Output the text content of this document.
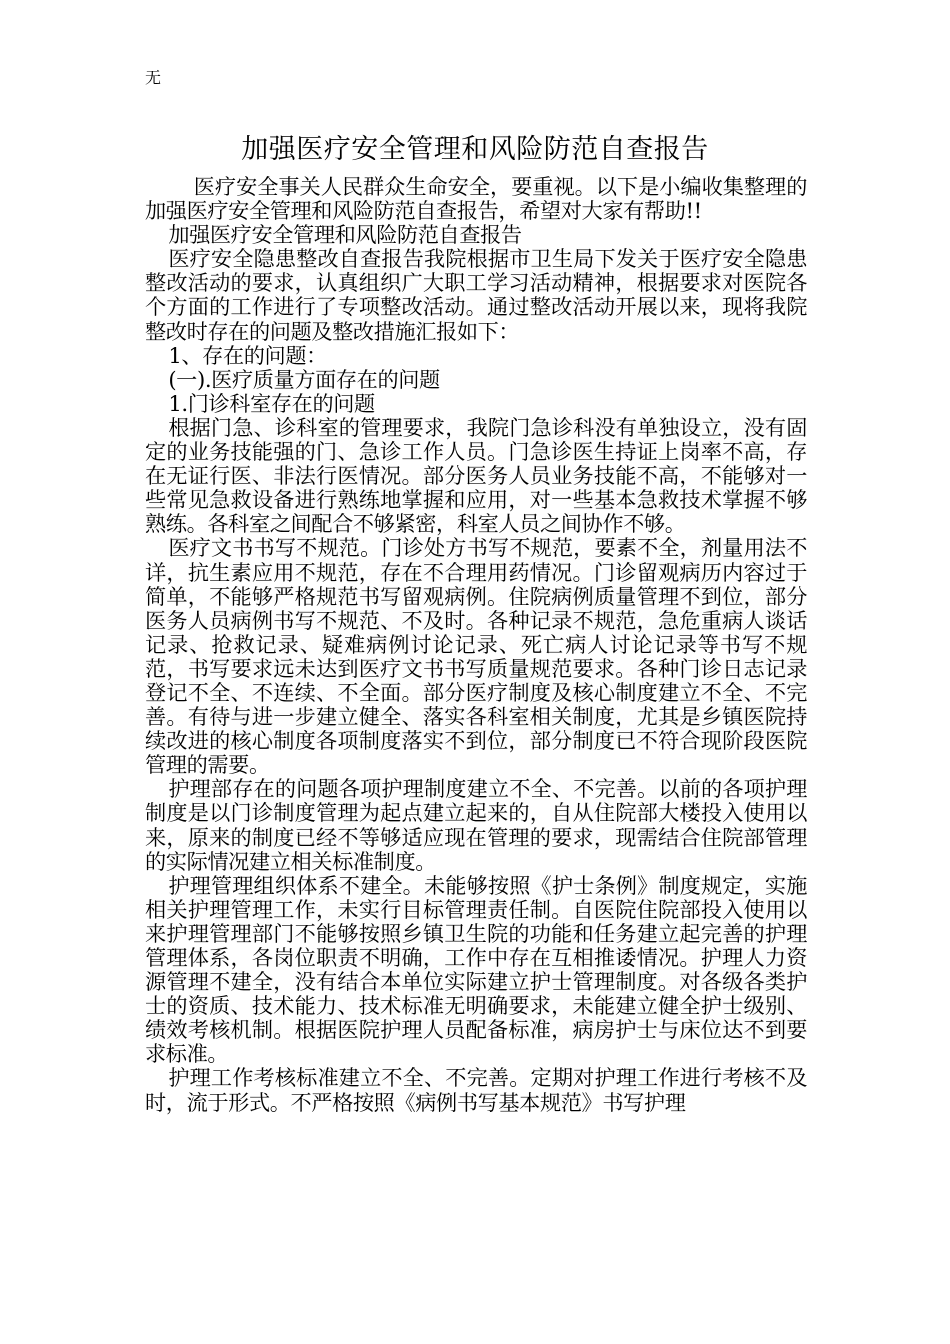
无
加强医疗安全管理和风险防范自查报告

医疗安全事关人民群众生命安全，要重视。以下是小编收集整理的加强医疗安全管理和风险防范自查报告，希望对大家有帮助!!

加强医疗安全管理和风险防范自查报告

医疗安全隐患整改自查报告我院根据市卫生局下发关于医疗安全隐患整改活动的要求，认真组织广大职工学习活动精神，根据要求对医院各个方面的工作进行了专项整改活动。通过整改活动开展以来，现将我院整改时存在的问题及整改措施汇报如下：

1、存在的问题：

(一).医疗质量方面存在的问题

1.门诊科室存在的问题

根据门急、诊科室的管理要求，我院门急诊科没有单独设立，没有固定的业务技能强的门、急诊工作人员。门急诊医生持证上岗率不高，存在无证行医、非法行医情况。部分医务人员业务技能不高，不能够对一些常见急救设备进行熟练地掌握和应用，对一些基本急救技术掌握不够熟练。各科室之间配合不够紧密，科室人员之间协作不够。

医疗文书书写不规范。门诊处方书写不规范，要素不全，剂量用法不详，抗生素应用不规范，存在不合理用药情况。门诊留观病历内容过于简单，不能够严格规范书写留观病例。住院病例质量管理不到位，部分医务人员病例书写不规范、不及时。各种记录不规范，急危重病人谈话记录、抢救记录、疑难病例讨论记录、死亡病人讨论记录等书写不规范，书写要求远未达到医疗文书书写质量规范要求。各种门诊日志记录登记不全、不连续、不全面。部分医疗制度及核心制度建立不全、不完善。有待与进一步建立健全、落实各科室相关制度，尤其是乡镇医院持续改进的核心制度各项制度落实不到位，部分制度已不符合现阶段医院管理的需要。

护理部存在的问题各项护理制度建立不全、不完善。以前的各项护理制度是以门诊制度管理为起点建立起来的，自从住院部大楼投入使用以来，原来的制度已经不等够适应现在管理的要求，现需结合住院部管理的实际情况建立相关标准制度。

护理管理组织体系不建全。未能够按照《护士条例》制度规定，实施相关护理管理工作，未实行目标管理责任制。自医院住院部投入使用以来护理管理部门不能够按照乡镇卫生院的功能和任务建立起完善的护理管理体系，各岗位职责不明确，工作中存在互相推诿情况。护理人力资源管理不建全，没有结合本单位实际建立护士管理制度。对各级各类护士的资质、技术能力、技术标准无明确要求，未能建立健全护士级别、绩效考核机制。根据医院护理人员配备标准，病房护士与床位达不到要求标准。

护理工作考核标准建立不全、不完善。定期对护理工作进行考核不及时，流于形式。不严格按照《病例书写基本规范》书写护理
